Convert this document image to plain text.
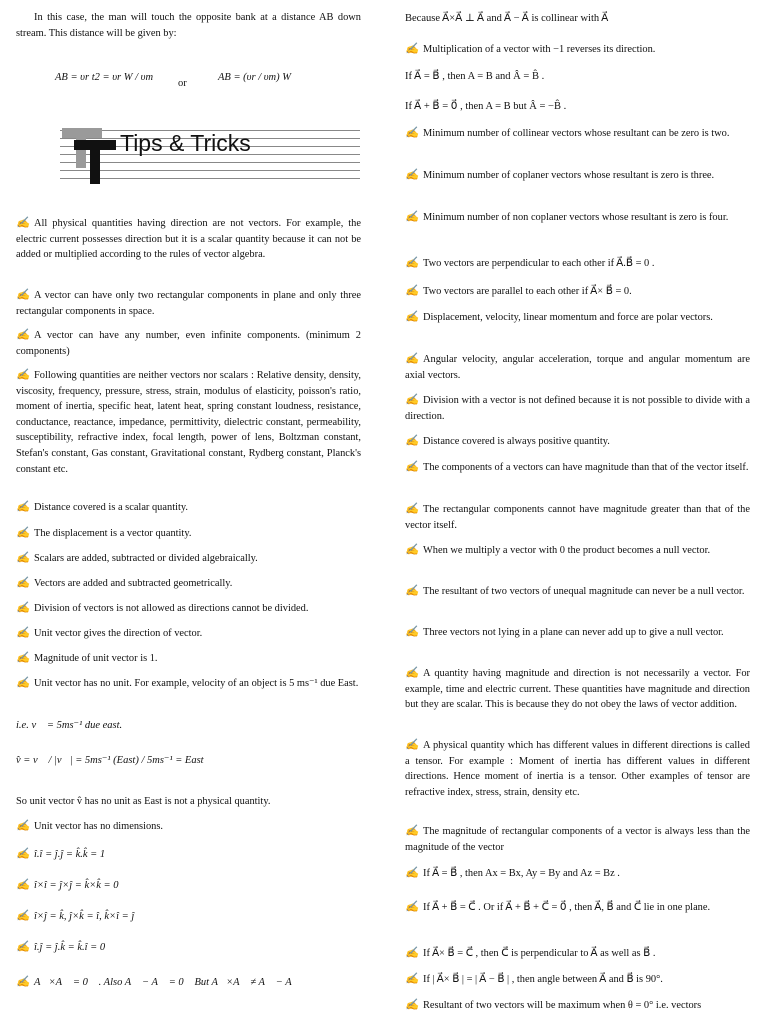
In this case, the man will touch the opposite bank at a distance AB down stream. This distance will be given by:
AB = υr t2 = υr W / υm
or
AB = (υr / υm) W
Tips & Tricks
✍ All physical quantities having direction are not vectors. For example, the electric current possesses direction but it is a scalar quantity because it can not be added or multiplied according to the rules of vector algebra.
✍ A vector can have only two rectangular components in plane and only three rectangular components in space.
✍ A vector can have any number, even infinite components. (minimum 2 components)
✍ Following quantities are neither vectors nor scalars : Relative density, density, viscosity, frequency, pressure, stress, strain, modulus of elasticity, poisson's ratio, moment of inertia, specific heat, latent heat, spring constant loudness, resistance, conductance, reactance, impedance, permittivity, dielectric constant, permeability, susceptibility, refractive index, focal length, power of lens, Boltzman constant, Stefan's constant, Gas constant, Gravitational constant, Rydberg constant, Planck's constant etc.
✍ Distance covered is a scalar quantity.
✍ The displacement is a vector quantity.
✍ Scalars are added, subtracted or divided algebraically.
✍ Vectors are added and subtracted geometrically.
✍ Division of vectors is not allowed as directions cannot be divided.
✍ Unit vector gives the direction of vector.
✍ Magnitude of unit vector is 1.
✍ Unit vector has no unit. For example, velocity of an object is 5 ms⁻¹ due East.
i.e. v⃗ = 5ms⁻¹ due east.
v̂ = v⃗ / |v⃗| = 5ms⁻¹ (East) / 5ms⁻¹ = East
So unit vector v̂ has no unit as East is not a physical quantity.
✍ Unit vector has no dimensions.
✍ î.î = ĵ.ĵ = k̂.k̂ = 1
✍ î×î = ĵ×ĵ = k̂×k̂ = 0⃗
✍ î×ĵ = k̂, ĵ×k̂ = î, k̂×î = ĵ
✍ î.ĵ = ĵ.k̂ = k̂.î = 0
✍ A⃗×A⃗ = 0⃗ . Also A⃗ − A⃗ = 0⃗ But A⃗×A⃗ ≠ A⃗ − A⃗
Because A⃗×A⃗ ⊥ A⃗ and A⃗ − A⃗ is collinear with A⃗
✍ Multiplication of a vector with −1 reverses its direction.
If A⃗ = B⃗ , then A = B and Â = B̂ .
If A⃗ + B⃗ = 0⃗ , then A = B but Â = −B̂ .
✍ Minimum number of collinear vectors whose resultant can be zero is two.
✍ Minimum number of coplaner vectors whose resultant is zero is three.
✍ Minimum number of non coplaner vectors whose resultant is zero is four.
✍ Two vectors are perpendicular to each other if A⃗.B⃗ = 0 .
✍ Two vectors are parallel to each other if A⃗× B⃗ = 0.
✍ Displacement, velocity, linear momentum and force are polar vectors.
✍ Angular velocity, angular acceleration, torque and angular momentum are axial vectors.
✍ Division with a vector is not defined because it is not possible to divide with a direction.
✍ Distance covered is always positive quantity.
✍ The components of a vectors can have magnitude than that of the vector itself.
✍ The rectangular components cannot have magnitude greater than that of the vector itself.
✍ When we multiply a vector with 0 the product becomes a null vector.
✍ The resultant of two vectors of unequal magnitude can never be a null vector.
✍ Three vectors not lying in a plane can never add up to give a null vector.
✍ A quantity having magnitude and direction is not necessarily a vector. For example, time and electric current. These quantities have magnitude and direction but they are scalar. This is because they do not obey the laws of vector addition.
✍ A physical quantity which has different values in different directions is called a tensor. For example : Moment of inertia has different values in different directions. Hence moment of inertia is a tensor. Other examples of tensor are refractive index, stress, strain, density etc.
✍ The magnitude of rectangular components of a vector is always less than the magnitude of the vector
✍ If A⃗ = B⃗ , then Ax = Bx, Ay = By and Az = Bz .
✍ If A⃗ + B⃗ = C⃗ . Or if A⃗ + B⃗ + C⃗ = 0⃗ , then A⃗, B⃗ and C⃗ lie in one plane.
✍ If A⃗× B⃗ = C⃗ , then C⃗ is perpendicular to A⃗ as well as B⃗ .
✍ If | A⃗× B⃗ | = | A⃗ − B⃗ | , then angle between A⃗ and B⃗ is 90°.
✍ Resultant of two vectors will be maximum when θ = 0° i.e. vectors
